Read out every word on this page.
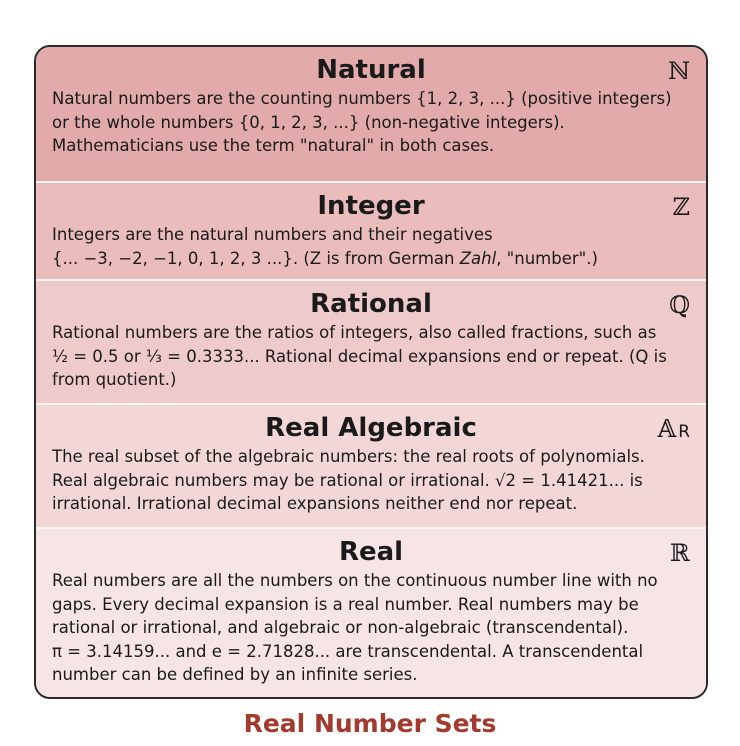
Natural	ℕ

Natural numbers are the counting numbers {1, 2, 3, ...} (positive integers)

or the whole numbers {0, 1, 2, 3, ...} (non-negative integers).

Mathematicians use the term "natural" in both cases.

Integer	ℤ

Integers are the natural numbers and their negatives

{... −3, −2, −1, 0, 1, 2, 3 ...}. (Z is from German Zahl, "number".)

Rational	ℚ

Rational numbers are the ratios of integers, also called fractions, such as

½ = 0.5 or ⅓ = 0.3333... Rational decimal expansions end or repeat. (Q is

from quotient.)

Real Algebraic	𝔸 R

The real subset of the algebraic numbers: the real roots of polynomials.

Real algebraic numbers may be rational or irrational. √2 = 1.41421... is

irrational. Irrational decimal expansions neither end nor repeat.

Real	ℝ

Real numbers are all the numbers on the continuous number line with no

gaps. Every decimal expansion is a real number. Real numbers may be

rational or irrational, and algebraic or non-algebraic (transcendental).

π = 3.14159... and e = 2.71828... are transcendental. A transcendental

number can be defined by an infinite series.

Real Number Sets
